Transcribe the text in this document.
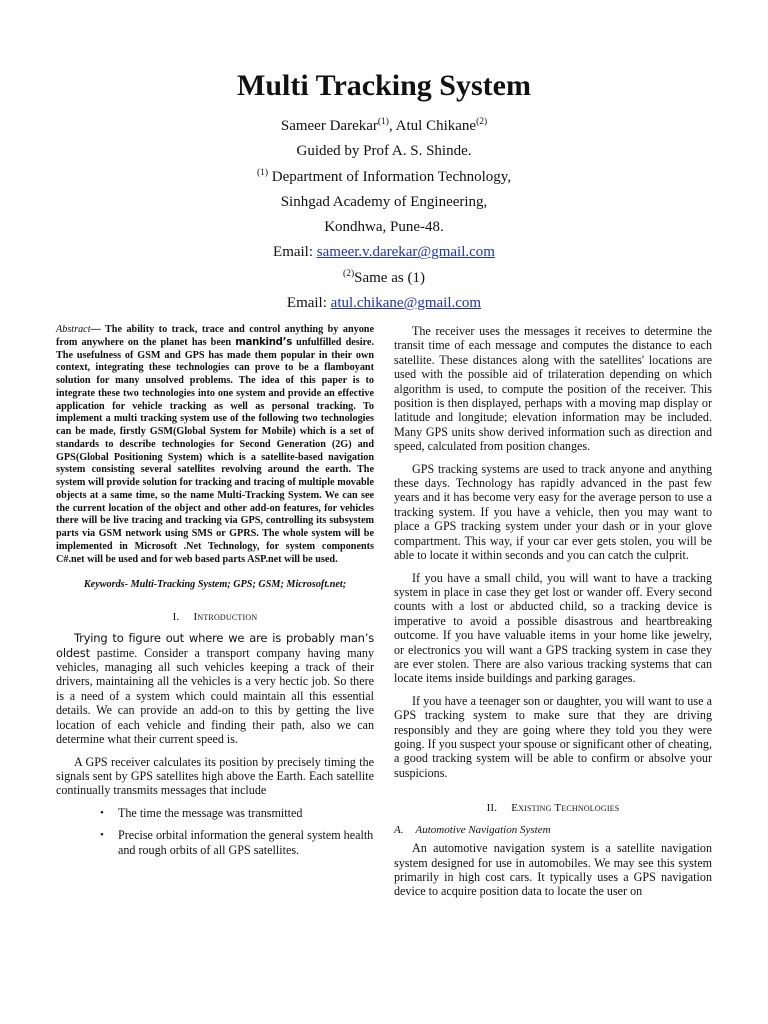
Multi Tracking System
Sameer Darekar$^{(1)}$, Atul Chikane$^{(2)}$
Guided by Prof A. S. Shinde.
$^{(1)}$ Department of Information Technology,
Sinhgad Academy of Engineering,
Kondhwa, Pune-48.
Email: sameer.v.darekar@gmail.com
$^{(2)}$Same as (1)
Email: atul.chikane@gmail.com

Abstract— The ability to track, trace and control anything by anyone from anywhere on the planet has been mankind’s unfulfilled desire. The usefulness of GSM and GPS has made them popular in their own context, integrating these technologies can prove to be a flamboyant solution for many unsolved problems. The idea of this paper is to integrate these two technologies into one system and provide an effective application for vehicle tracking as well as personal tracking. To implement a multi tracking system use of the following two technologies can be made, firstly GSM(Global System for Mobile) which is a set of standards to describe technologies for Second Generation (2G) and GPS(Global Positioning System) which is a satellite-based navigation system consisting several satellites revolving around the earth. The system will provide solution for tracking and tracing of multiple movable objects at a same time, so the name Multi-Tracking System. We can see the current location of the object and other add-on features, for vehicles there will be live tracing and tracking via GPS, controlling its subsystem parts via GSM network using SMS or GPRS. The whole system will be implemented in Microsoft .Net Technology, for system components C#.net will be used and for web based parts ASP.net will be used.

Keywords- Multi-Tracking System; GPS; GSM; Microsoft.net;

I. Introduction

Trying to figure out where we are is probably man’s oldest pastime. Consider a transport company having many vehicles, managing all such vehicles keeping a track of their drivers, maintaining all the vehicles is a very hectic job. So there is a need of a system which could maintain all this essential details. We can provide an add-on to this by getting the live location of each vehicle and finding their path, also we can determine what their current speed is.

A GPS receiver calculates its position by precisely timing the signals sent by GPS satellites high above the Earth. Each satellite continually transmits messages that include

• The time the message was transmitted
• Precise orbital information the general system health and rough orbits of all GPS satellites.

The receiver uses the messages it receives to determine the transit time of each message and computes the distance to each satellite. These distances along with the satellites' locations are used with the possible aid of trilateration depending on which algorithm is used, to compute the position of the receiver. This position is then displayed, perhaps with a moving map display or latitude and longitude; elevation information may be included. Many GPS units show derived information such as direction and speed, calculated from position changes.

GPS tracking systems are used to track anyone and anything these days. Technology has rapidly advanced in the past few years and it has become very easy for the average person to use a tracking system. If you have a vehicle, then you may want to place a GPS tracking system under your dash or in your glove compartment. This way, if your car ever gets stolen, you will be able to locate it within seconds and you can catch the culprit.

If you have a small child, you will want to have a tracking system in place in case they get lost or wander off. Every second counts with a lost or abducted child, so a tracking device is imperative to avoid a possible disastrous and heartbreaking outcome. If you have valuable items in your home like jewelry, or electronics you will want a GPS tracking system in case they are ever stolen. There are also various tracking systems that can locate items inside buildings and parking garages.

If you have a teenager son or daughter, you will want to use a GPS tracking system to make sure that they are driving responsibly and they are going where they told you they were going. If you suspect your spouse or significant other of cheating, a good tracking system will be able to confirm or absolve your suspicions.

II. Existing Technologies
A. Automotive Navigation System

An automotive navigation system is a satellite navigation system designed for use in automobiles. We may see this system primarily in high cost cars. It typically uses a GPS navigation device to acquire position data to locate the user on
